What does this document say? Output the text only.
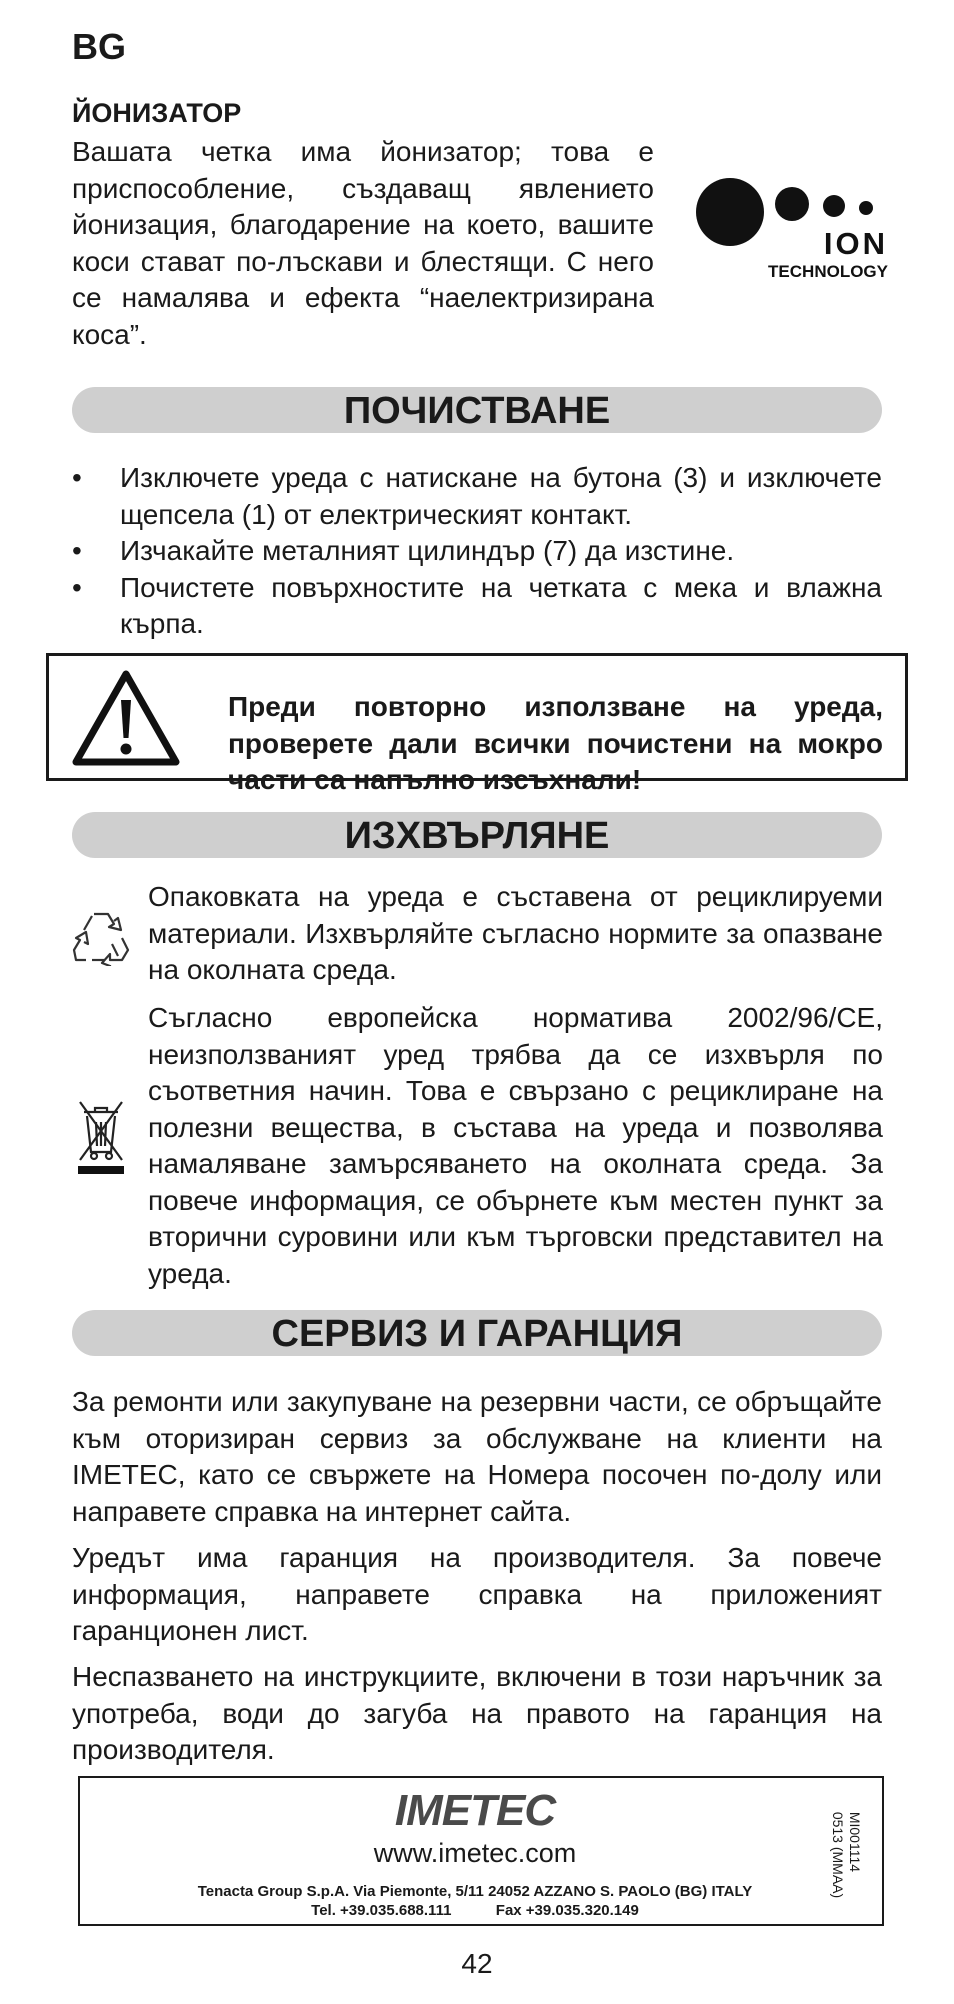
BG
ЙОНИЗАТОР

Вашата четка има йонизатор; това е приспособление, създаващ явлението йонизация, благодарение на което, вашите коси стават по-лъскави и блестящи. С него се намалява и ефекта “наелектризирана коса”.

ION
TECHNOLOGY
ПОЧИСТВАНЕ
• Изключете уреда с натискане на бутона (3) и изключете щепсела (1) от електрическият контакт.
• Изчакайте металният цилиндър (7) да изстине.
• Почистете повърхностите на четката с мека и влажна кърпа.

Преди повторно използване на уреда, проверете дали всички почистени на мокро части са напълно изсъхнали!

ИЗХВЪРЛЯНЕ

Опаковката на уреда е съставена от рециклируеми материали. Изхвърляйте съгласно нормите за опазване на околната среда.

Съгласно европейска норматива 2002/96/CE, неизползваният уред трябва да се изхвърля по съответния начин. Това е свързано с рециклиране на полезни вещества, в състава на уреда и позволява намаляване замърсяването на околната среда. За повече информация, се обърнете към местен пункт за вторични суровини или към търговски представител на уреда.

СЕРВИЗ И ГАРАНЦИЯ

За ремонти или закупуване на резервни части, се обръщайте към оторизиран сервиз за обслужване на клиенти на IMETEC, като се свържете на Номера посочен по-долу или направете справка на интернет сайта.

Уредът има гаранция на производителя. За повече информация, направете справка на приложеният гаранционен лист.

Неспазването на инструкциите, включени в този наръчник за употреба, води до загуба на правото на гаранция на производителя.

IMETEC
www.imetec.com
Tenacta Group S.p.A. Via Piemonte, 5/11 24052 AZZANO S. PAOLO (BG) ITALY
Tel. +39.035.688.111	Fax +39.035.320.149
MI001114
0513 (MMAA)
42
